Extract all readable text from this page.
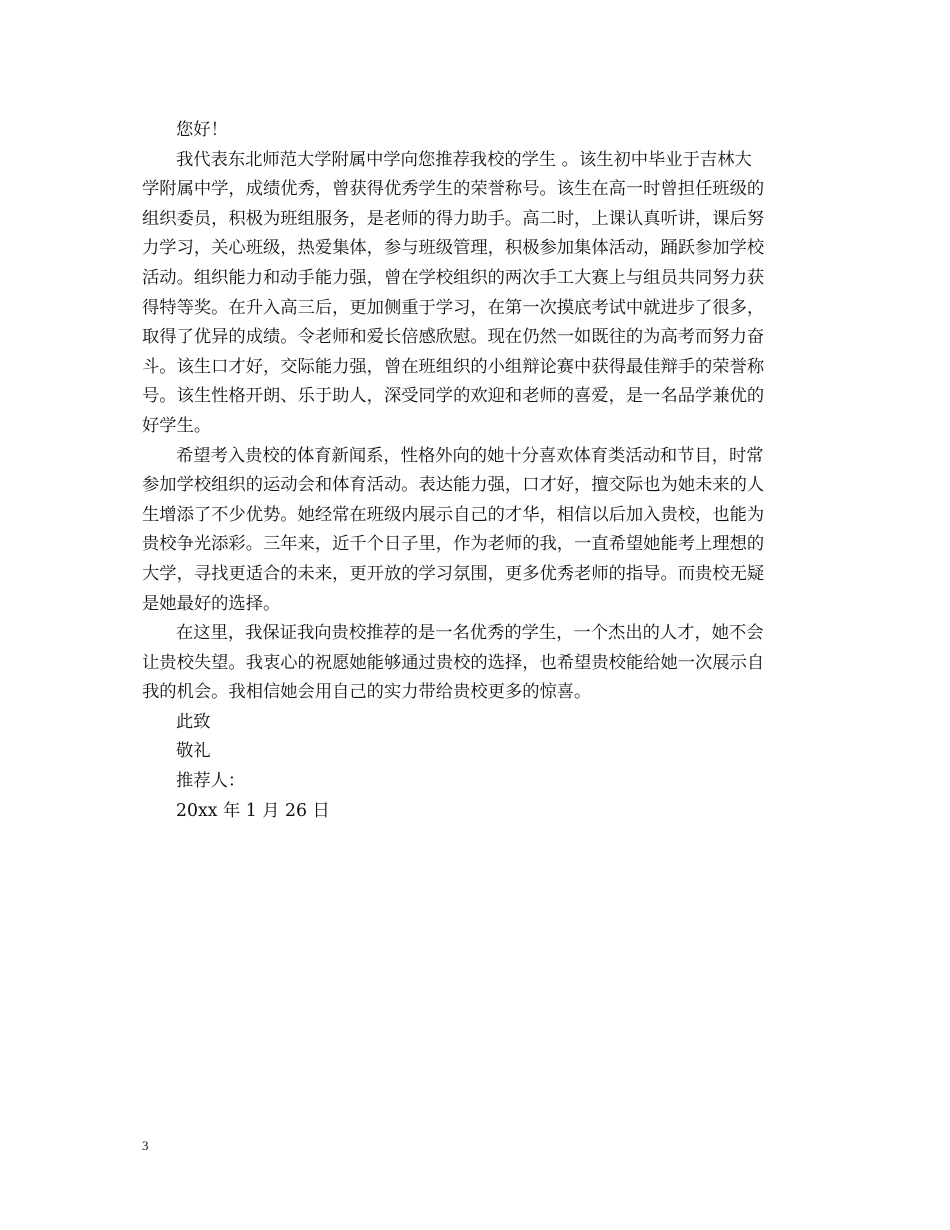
您好！
我代表东北师范大学附属中学向您推荐我校的学生 。该生初中毕业于吉林大
学附属中学，成绩优秀，曾获得优秀学生的荣誉称号。该生在高一时曾担任班级的
组织委员，积极为班组服务，是老师的得力助手。高二时，上课认真听讲，课后努
力学习，关心班级，热爱集体，参与班级管理，积极参加集体活动，踊跃参加学校
活动。组织能力和动手能力强，曾在学校组织的两次手工大赛上与组员共同努力获
得特等奖。在升入高三后，更加侧重于学习，在第一次摸底考试中就进步了很多，
取得了优异的成绩。令老师和爱长倍感欣慰。现在仍然一如既往的为高考而努力奋
斗。该生口才好，交际能力强，曾在班组织的小组辩论赛中获得最佳辩手的荣誉称
号。该生性格开朗、乐于助人，深受同学的欢迎和老师的喜爱，是一名品学兼优的
好学生。
希望考入贵校的体育新闻系，性格外向的她十分喜欢体育类活动和节目，时常
参加学校组织的运动会和体育活动。表达能力强，口才好，擅交际也为她未来的人
生增添了不少优势。她经常在班级内展示自己的才华，相信以后加入贵校，也能为
贵校争光添彩。三年来，近千个日子里，作为老师的我，一直希望她能考上理想的
大学，寻找更适合的未来，更开放的学习氛围，更多优秀老师的指导。而贵校无疑
是她最好的选择。
在这里，我保证我向贵校推荐的是一名优秀的学生，一个杰出的人才，她不会
让贵校失望。我衷心的祝愿她能够通过贵校的选择，也希望贵校能给她一次展示自
我的机会。我相信她会用自己的实力带给贵校更多的惊喜。
此致
敬礼
推荐人：
20xx 年 1 月 26 日
3
